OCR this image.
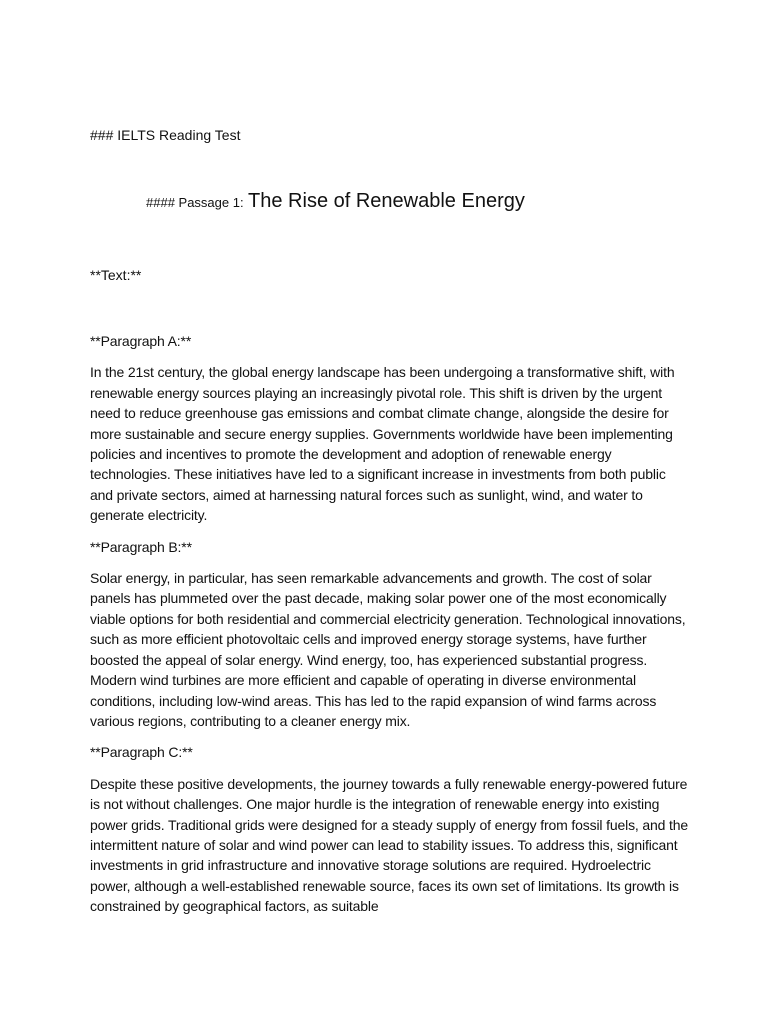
### IELTS Reading Test
#### Passage 1: The Rise of Renewable Energy

**Text:**

**Paragraph A:**

In the 21st century, the global energy landscape has been undergoing a transformative shift, with renewable energy sources playing an increasingly pivotal role. This shift is driven by the urgent need to reduce greenhouse gas emissions and combat climate change, alongside the desire for more sustainable and secure energy supplies. Governments worldwide have been implementing policies and incentives to promote the development and adoption of renewable energy technologies. These initiatives have led to a significant increase in investments from both public and private sectors, aimed at harnessing natural forces such as sunlight, wind, and water to generate electricity.

**Paragraph B:**

Solar energy, in particular, has seen remarkable advancements and growth. The cost of solar panels has plummeted over the past decade, making solar power one of the most economically viable options for both residential and commercial electricity generation. Technological innovations, such as more efficient photovoltaic cells and improved energy storage systems, have further boosted the appeal of solar energy. Wind energy, too, has experienced substantial progress. Modern wind turbines are more efficient and capable of operating in diverse environmental conditions, including low-wind areas. This has led to the rapid expansion of wind farms across various regions, contributing to a cleaner energy mix.

**Paragraph C:**

Despite these positive developments, the journey towards a fully renewable energy-powered future is not without challenges. One major hurdle is the integration of renewable energy into existing power grids. Traditional grids were designed for a steady supply of energy from fossil fuels, and the intermittent nature of solar and wind power can lead to stability issues. To address this, significant investments in grid infrastructure and innovative storage solutions are required. Hydroelectric power, although a well-established renewable source, faces its own set of limitations. Its growth is constrained by geographical factors, as suitable
